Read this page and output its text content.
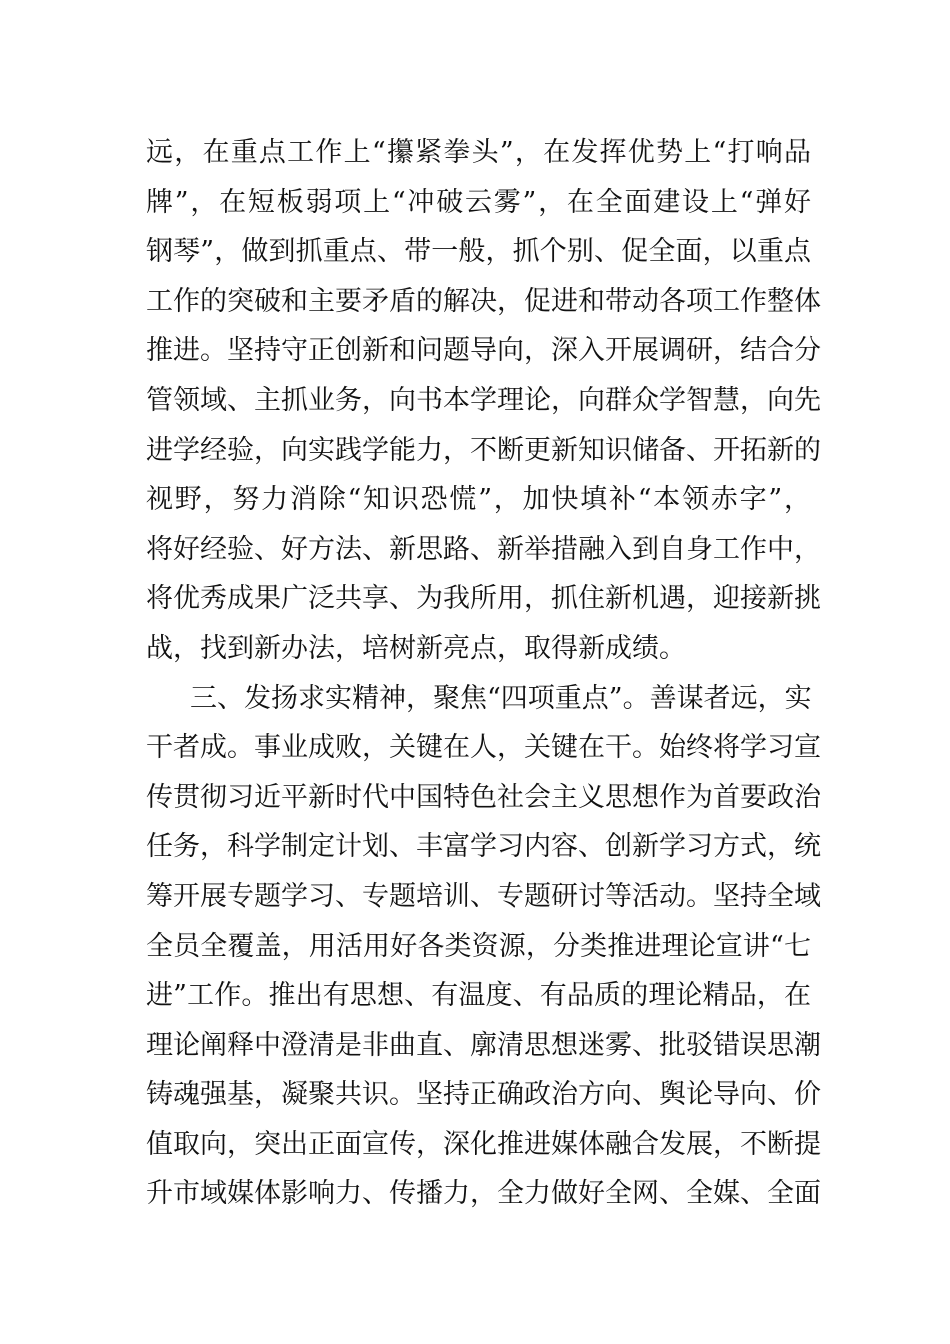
远，在重点工作上“攥紧拳头”，在发挥优势上“打响品
牌”，在短板弱项上“冲破云雾”，在全面建设上“弹好
钢琴”，做到抓重点、带一般，抓个别、促全面，以重点
工作的突破和主要矛盾的解决，促进和带动各项工作整体
推进。坚持守正创新和问题导向，深入开展调研，结合分
管领域、主抓业务，向书本学理论，向群众学智慧，向先
进学经验，向实践学能力，不断更新知识储备、开拓新的
视野，努力消除“知识恐慌”，加快填补“本领赤字”，
将好经验、好方法、新思路、新举措融入到自身工作中，
将优秀成果广泛共享、为我所用，抓住新机遇，迎接新挑
战，找到新办法，培树新亮点，取得新成绩。
三、发扬求实精神，聚焦“四项重点”。善谋者远，实
干者成。事业成败，关键在人，关键在干。始终将学习宣
传贯彻习近平新时代中国特色社会主义思想作为首要政治
任务，科学制定计划、丰富学习内容、创新学习方式，统
筹开展专题学习、专题培训、专题研讨等活动。坚持全域
全员全覆盖，用活用好各类资源，分类推进理论宣讲“七
进”工作。推出有思想、有温度、有品质的理论精品，在
理论阐释中澄清是非曲直、廓清思想迷雾、批驳错误思潮
铸魂强基，凝聚共识。坚持正确政治方向、舆论导向、价
值取向，突出正面宣传，深化推进媒体融合发展，不断提
升市域媒体影响力、传播力，全力做好全网、全媒、全面
